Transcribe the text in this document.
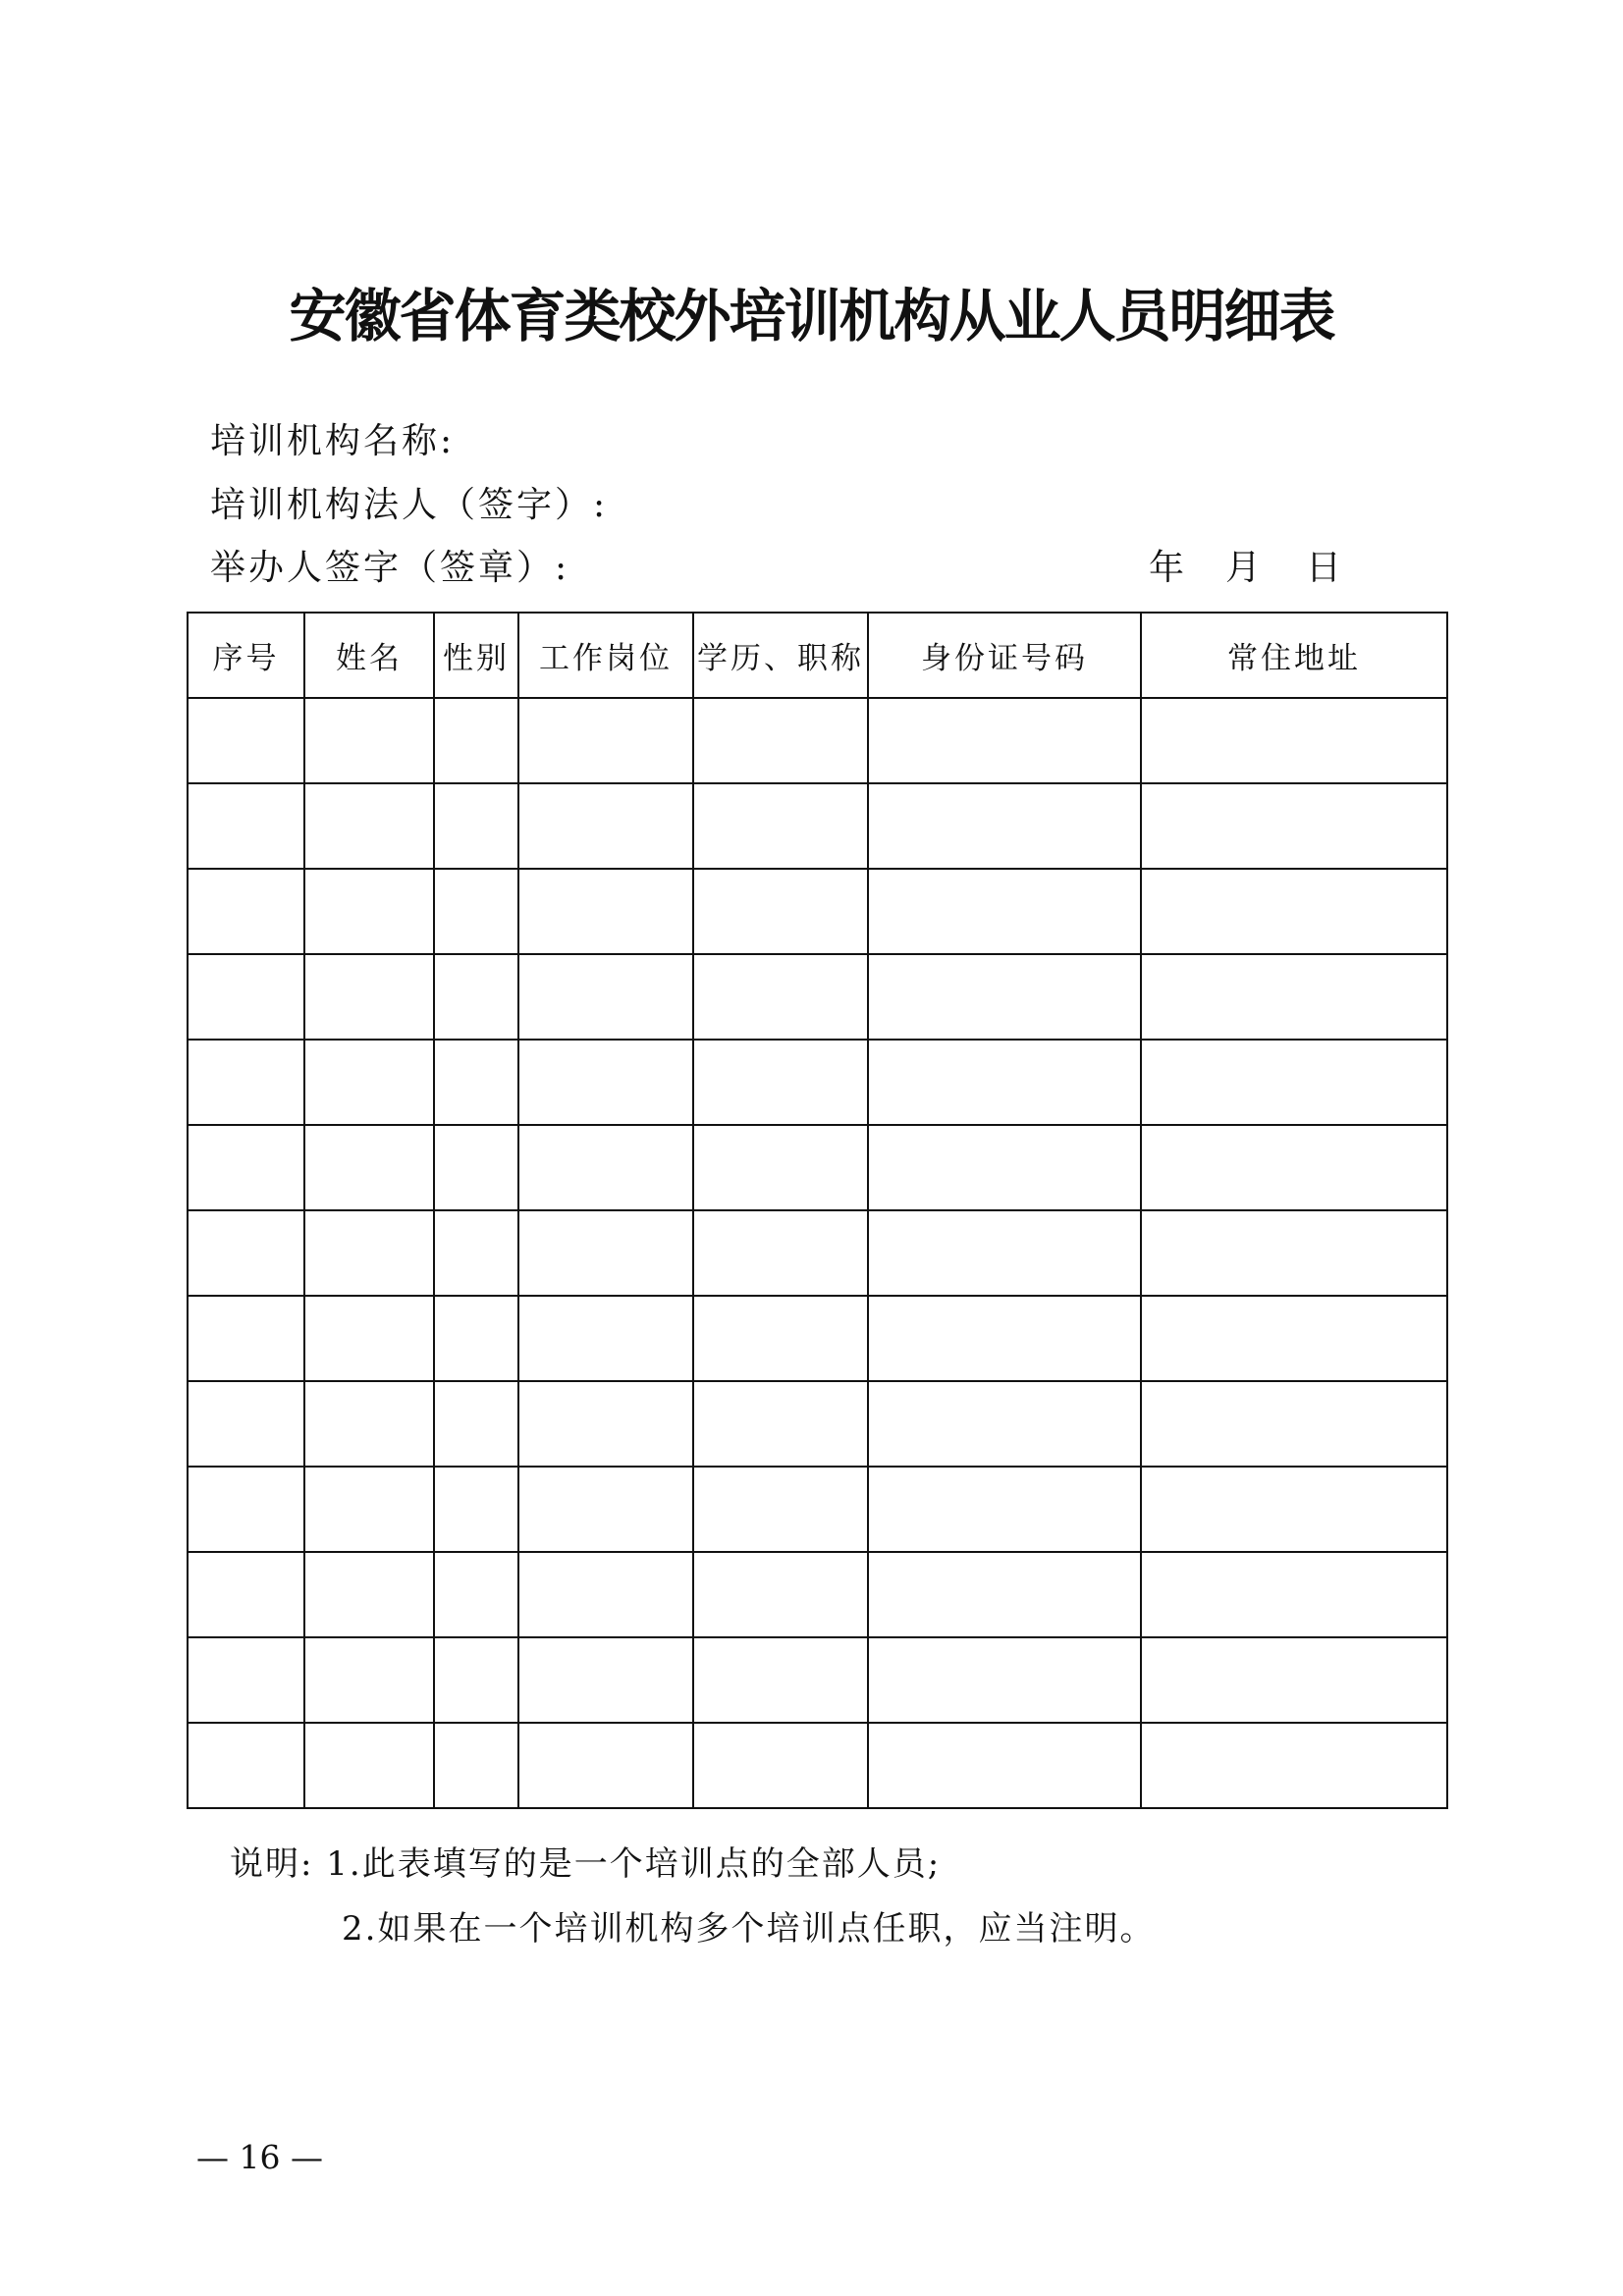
安徽省体育类校外培训机构从业人员明细表
培训机构名称:
培训机构法人（签字）:
举办人签字（签章）:	年 月 日
序号	姓名	性别	工作岗位	学历、职称	身份证号码	常住地址

说明: 1.此表填写的是一个培训点的全部人员;
2.如果在一个培训机构多个培训点任职，应当注明。
— 16 —
